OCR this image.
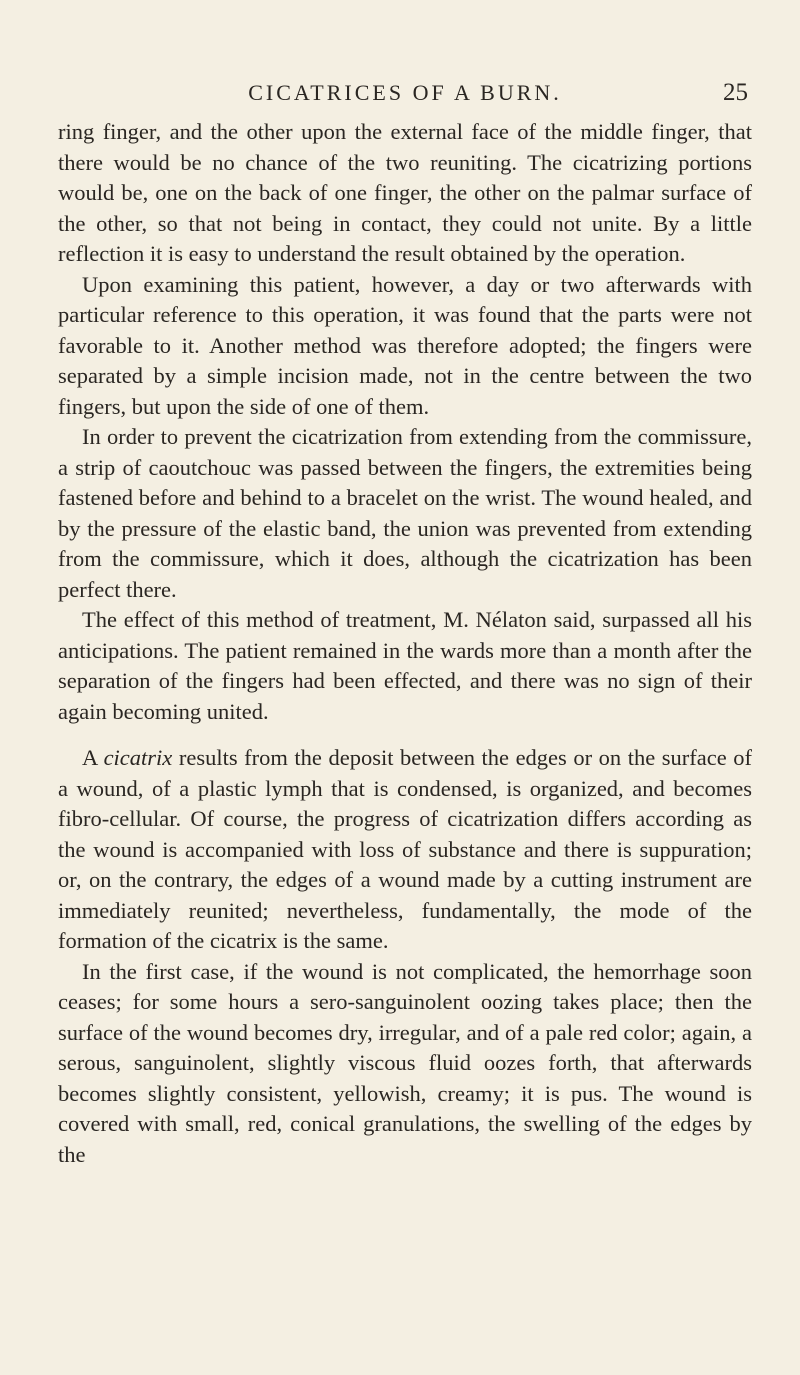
CICATRICES OF A BURN.	25

ring finger, and the other upon the external face of the middle finger, that there would be no chance of the two reuniting. The cicatrizing portions would be, one on the back of one finger, the other on the palmar surface of the other, so that not being in contact, they could not unite. By a little reflection it is easy to understand the result obtained by the operation.

Upon examining this patient, however, a day or two afterwards with particular reference to this operation, it was found that the parts were not favorable to it. Another method was therefore adopted; the fingers were separated by a simple incision made, not in the centre between the two fingers, but upon the side of one of them.

In order to prevent the cicatrization from extending from the commissure, a strip of caoutchouc was passed between the fingers, the extremities being fastened before and behind to a bracelet on the wrist. The wound healed, and by the pressure of the elastic band, the union was prevented from extending from the commissure, which it does, although the cicatrization has been perfect there.

The effect of this method of treatment, M. Nélaton said, surpassed all his anticipations. The patient remained in the wards more than a month after the separation of the fingers had been effected, and there was no sign of their again becoming united.

A cicatrix results from the deposit between the edges or on the surface of a wound, of a plastic lymph that is condensed, is organized, and becomes fibro-cellular. Of course, the progress of cicatrization differs according as the wound is accompanied with loss of substance and there is suppuration; or, on the contrary, the edges of a wound made by a cutting instrument are immediately reunited; nevertheless, fundamentally, the mode of the formation of the cicatrix is the same.

In the first case, if the wound is not complicated, the hemorrhage soon ceases; for some hours a sero-sanguinolent oozing takes place; then the surface of the wound becomes dry, irregular, and of a pale red color; again, a serous, sanguinolent, slightly viscous fluid oozes forth, that afterwards becomes slightly consistent, yellowish, creamy; it is pus. The wound is covered with small, red, conical granulations, the swelling of the edges by the
